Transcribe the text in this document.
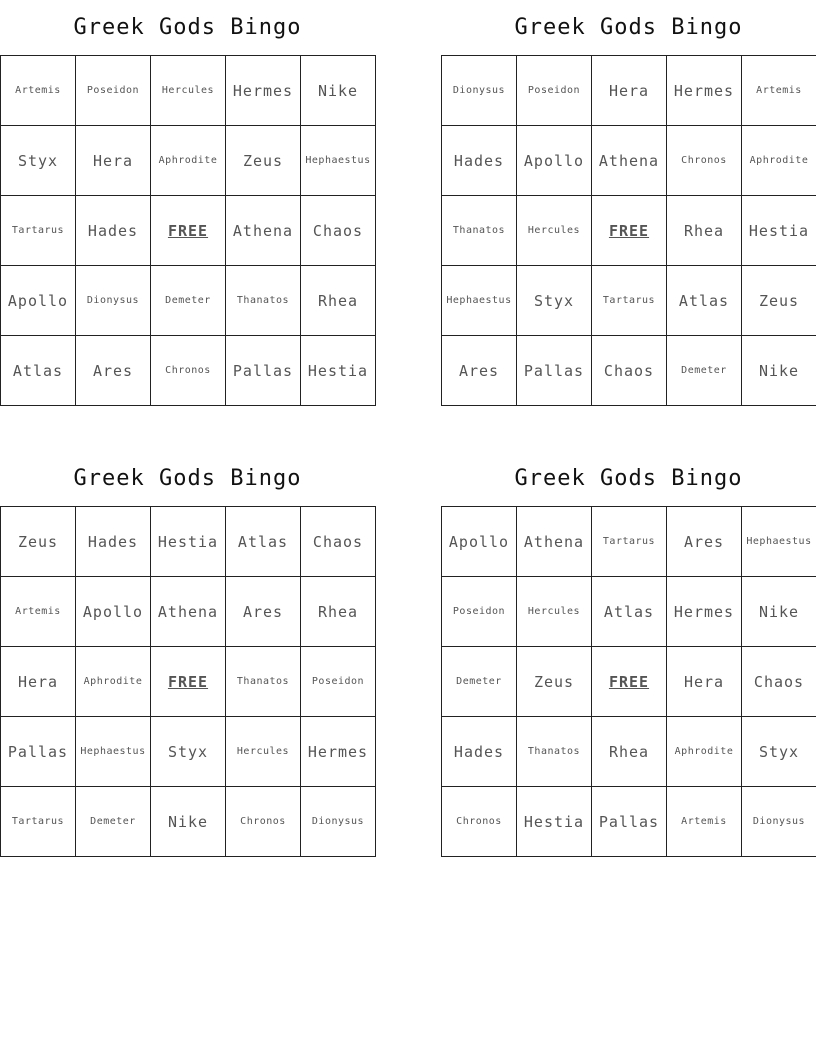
Greek Gods Bingo
Artemis	Poseidon	Hercules	Hermes	Nike
Styx	Hera	Aphrodite	Zeus	Hephaestus
Tartarus	Hades	FREE	Athena	Chaos
Apollo	Dionysus	Demeter	Thanatos	Rhea
Atlas	Ares	Chronos	Pallas	Hestia
Greek Gods Bingo
Dionysus	Poseidon	Hera	Hermes	Artemis
Hades	Apollo	Athena	Chronos	Aphrodite
Thanatos	Hercules	FREE	Rhea	Hestia
Hephaestus	Styx	Tartarus	Atlas	Zeus
Ares	Pallas	Chaos	Demeter	Nike
Greek Gods Bingo
Zeus	Hades	Hestia	Atlas	Chaos
Artemis	Apollo	Athena	Ares	Rhea
Hera	Aphrodite	FREE	Thanatos	Poseidon
Pallas	Hephaestus	Styx	Hercules	Hermes
Tartarus	Demeter	Nike	Chronos	Dionysus
Greek Gods Bingo
Apollo	Athena	Tartarus	Ares	Hephaestus
Poseidon	Hercules	Atlas	Hermes	Nike
Demeter	Zeus	FREE	Hera	Chaos
Hades	Thanatos	Rhea	Aphrodite	Styx
Chronos	Hestia	Pallas	Artemis	Dionysus
